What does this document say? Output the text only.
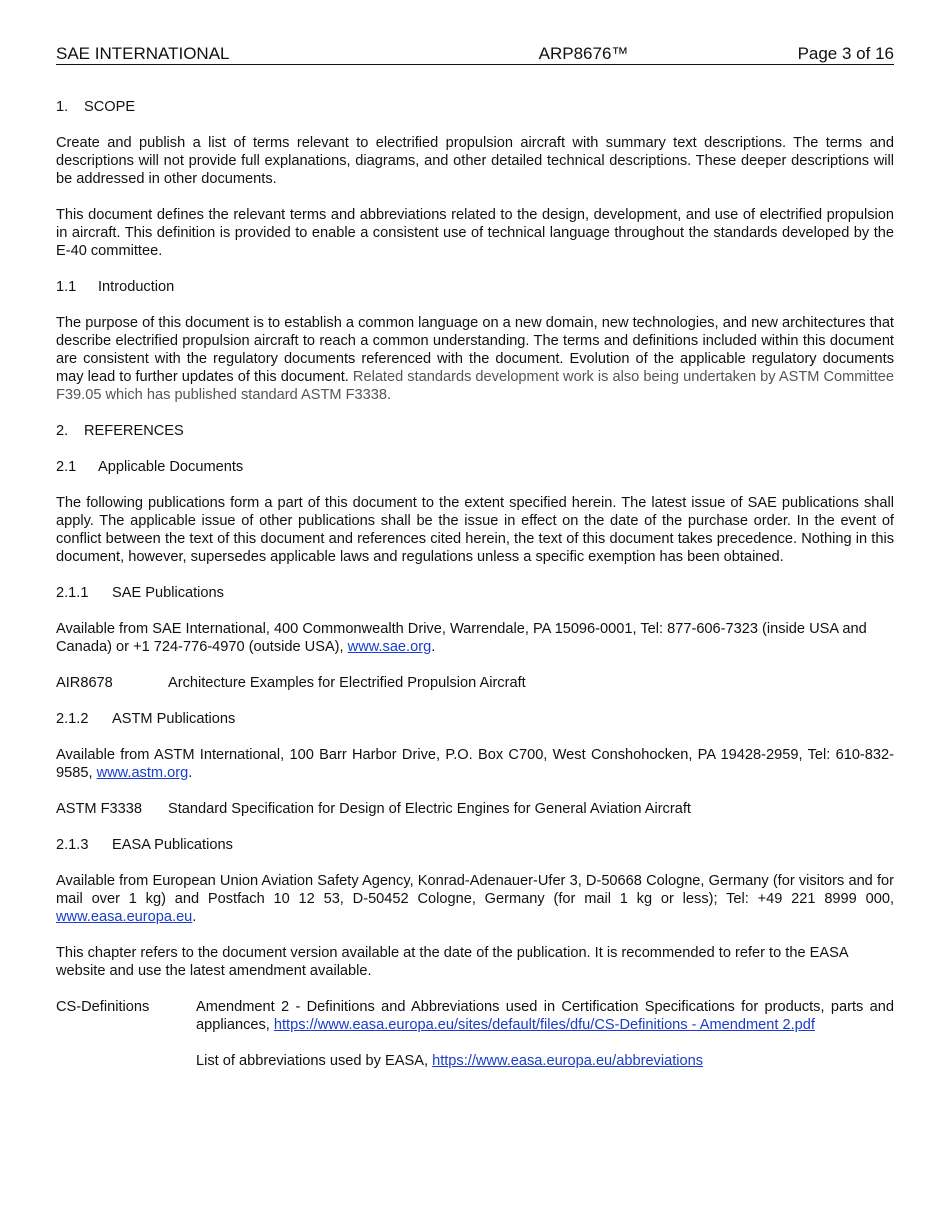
SAE INTERNATIONAL	ARP8676™	Page 3 of 16
1.	SCOPE

Create and publish a list of terms relevant to electrified propulsion aircraft with summary text descriptions. The terms and descriptions will not provide full explanations, diagrams, and other detailed technical descriptions. These deeper descriptions will be addressed in other documents.

This document defines the relevant terms and abbreviations related to the design, development, and use of electrified propulsion in aircraft. This definition is provided to enable a consistent use of technical language throughout the standards developed by the E-40 committee.

1.1	Introduction

The purpose of this document is to establish a common language on a new domain, new technologies, and new architectures that describe electrified propulsion aircraft to reach a common understanding. The terms and definitions included within this document are consistent with the regulatory documents referenced with the document. Evolution of the applicable regulatory documents may lead to further updates of this document. Related standards development work is also being undertaken by ASTM Committee F39.05 which has published standard ASTM F3338.

2.	REFERENCES
2.1	Applicable Documents

The following publications form a part of this document to the extent specified herein. The latest issue of SAE publications shall apply. The applicable issue of other publications shall be the issue in effect on the date of the purchase order. In the event of conflict between the text of this document and references cited herein, the text of this document takes precedence. Nothing in this document, however, supersedes applicable laws and regulations unless a specific exemption has been obtained.

2.1.1	SAE Publications

Available from SAE International, 400 Commonwealth Drive, Warrendale, PA 15096-0001, Tel: 877-606-7323 (inside USA and Canada) or +1 724-776-4970 (outside USA), www.sae.org.

AIR8678	Architecture Examples for Electrified Propulsion Aircraft
2.1.2	ASTM Publications

Available from ASTM International, 100 Barr Harbor Drive, P.O. Box C700, West Conshohocken, PA 19428-2959, Tel: 610-832-9585, www.astm.org.

ASTM F3338	Standard Specification for Design of Electric Engines for General Aviation Aircraft
2.1.3	EASA Publications

Available from European Union Aviation Safety Agency, Konrad-Adenauer-Ufer 3, D-50668 Cologne, Germany (for visitors and for mail over 1 kg) and Postfach 10 12 53, D-50452 Cologne, Germany (for mail 1 kg or less); Tel: +49 221 8999 000, www.easa.europa.eu.

This chapter refers to the document version available at the date of the publication. It is recommended to refer to the EASA website and use the latest amendment available.

CS-Definitions	Amendment 2 - Definitions and Abbreviations used in Certification Specifications for products, parts and appliances, https://www.easa.europa.eu/sites/default/files/dfu/CS-Definitions - Amendment 2.pdf

List of abbreviations used by EASA, https://www.easa.europa.eu/abbreviations
